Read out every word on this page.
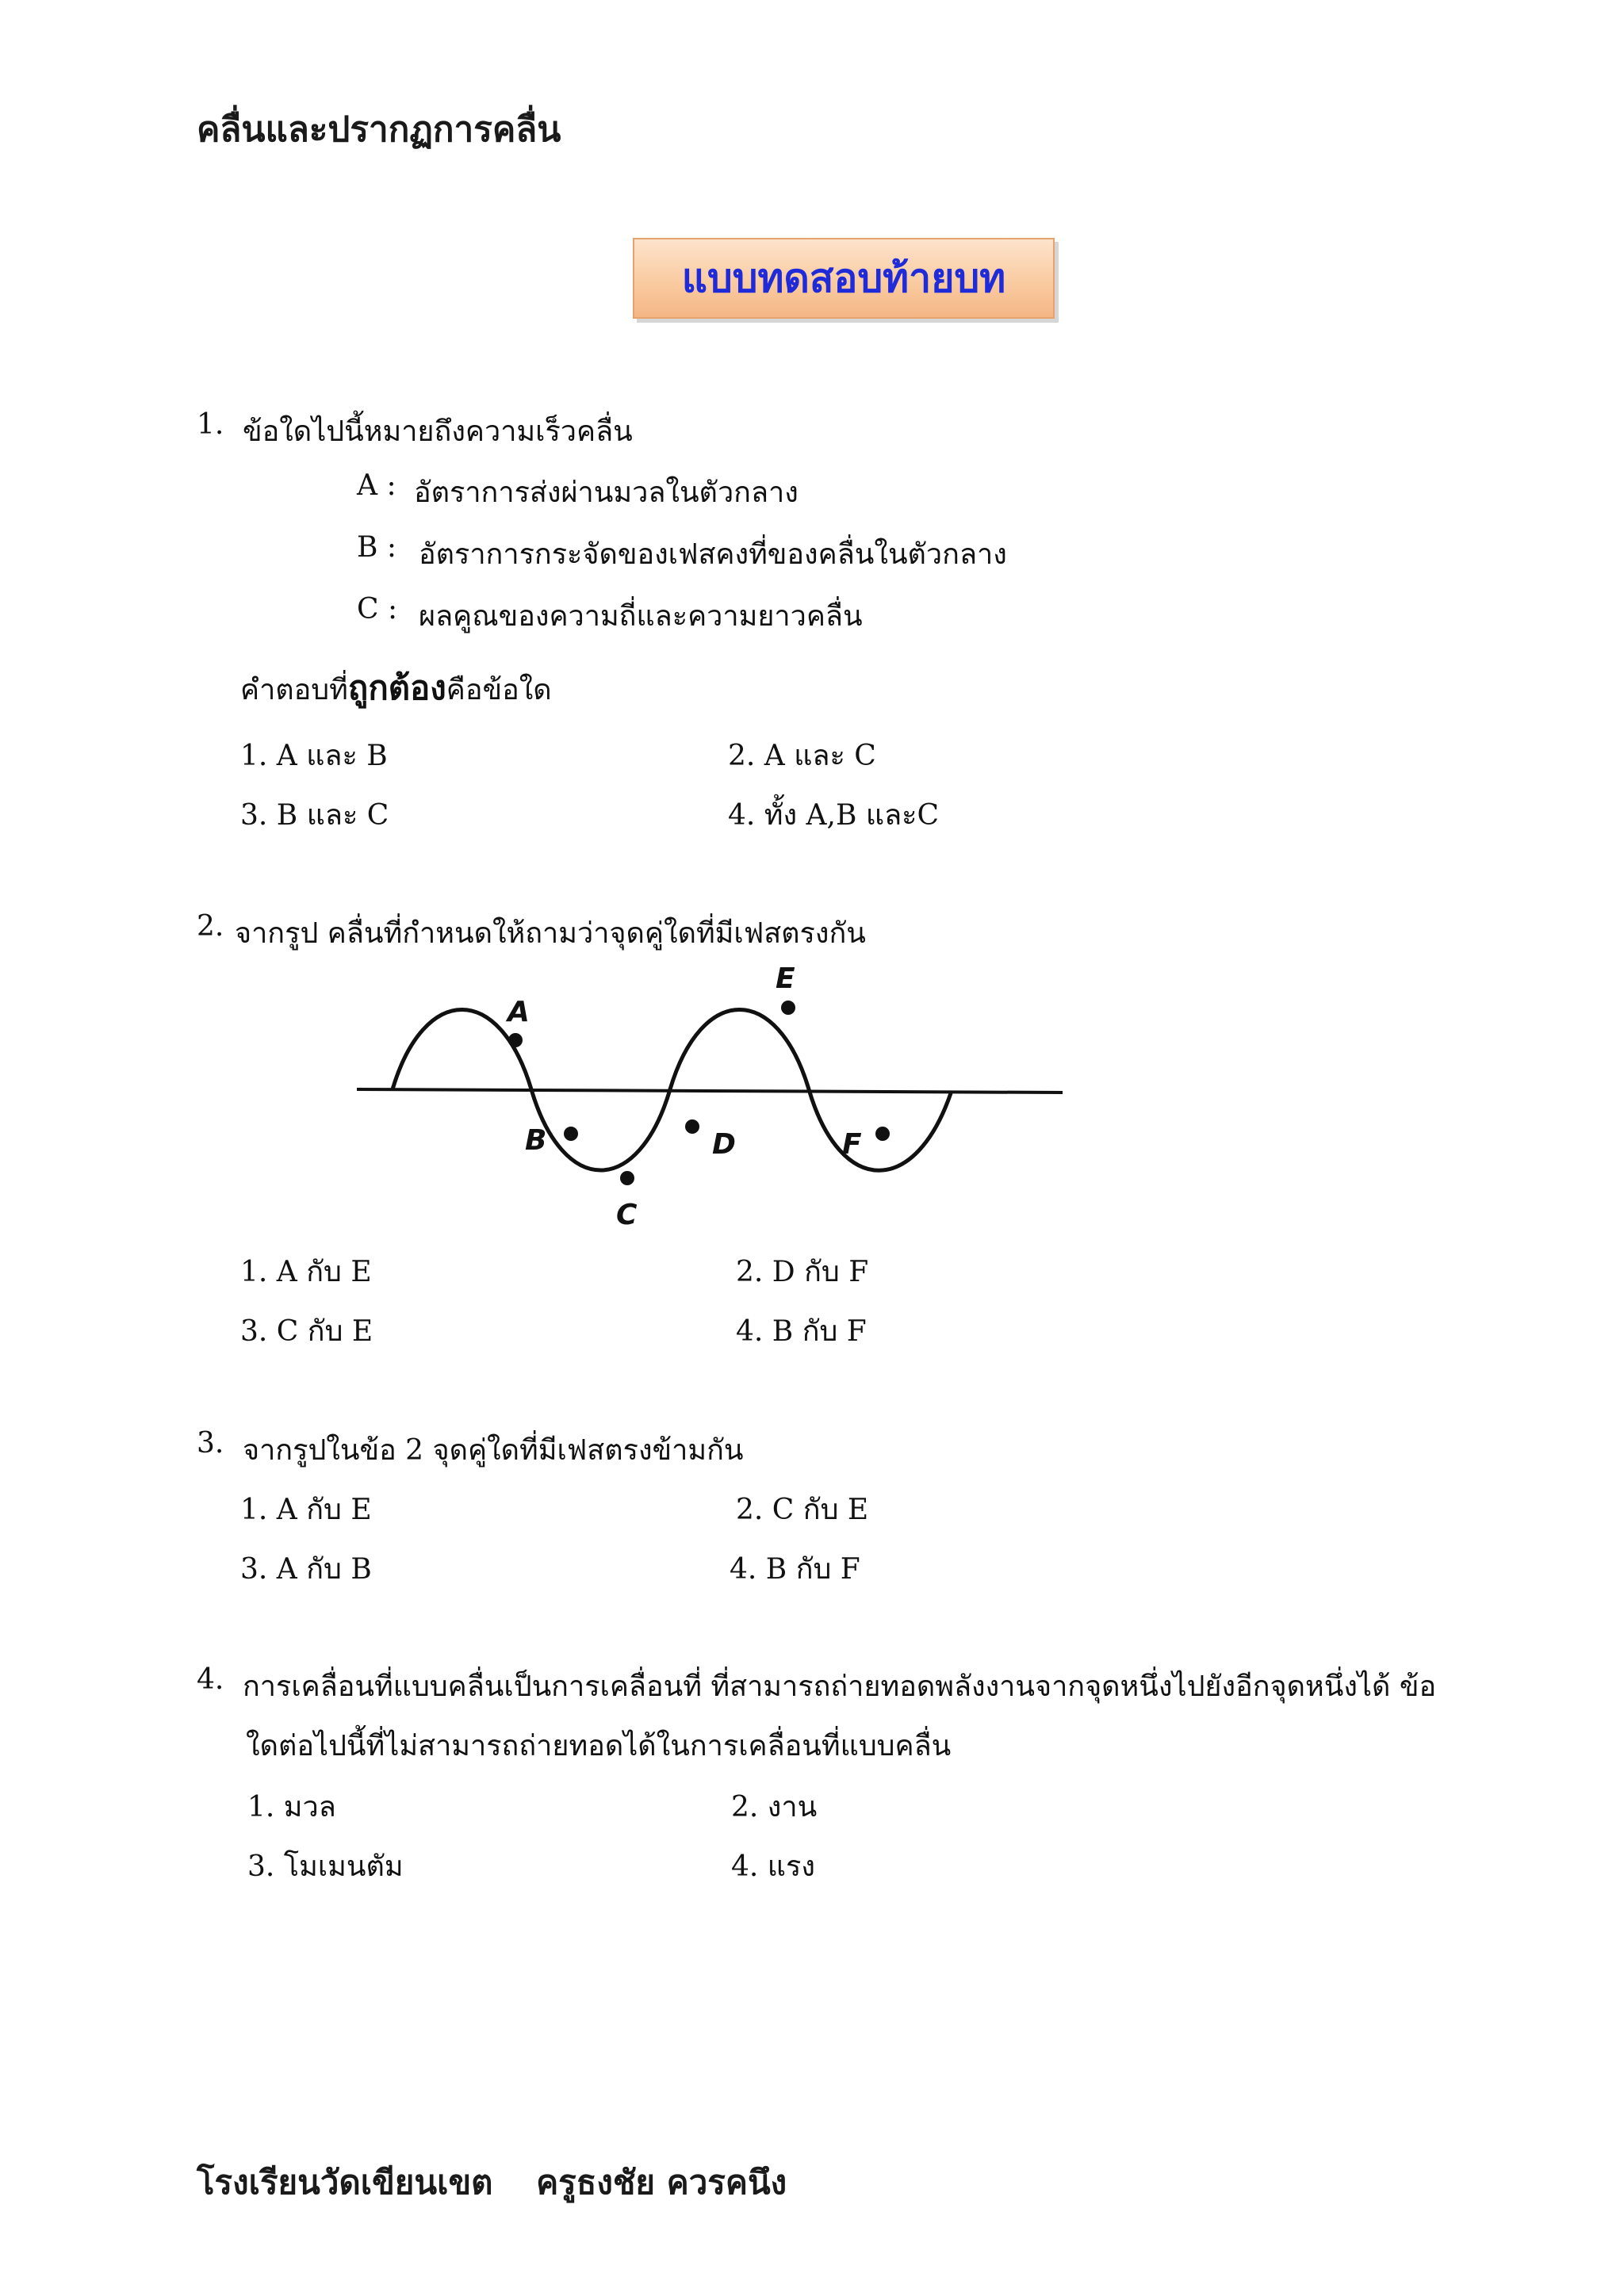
คลื่นและปรากฏการคลื่น
แบบทดสอบท้ายบท
1. ข้อใดไปนี้หมายถึงความเร็วคลื่น
A : อัตราการส่งผ่านมวลในตัวกลาง
B : อัตราการกระจัดของเฟสคงที่ของคลื่นในตัวกลาง
C : ผลคูณของความถี่และความยาวคลื่น
คำตอบที่ถูกต้องคือข้อใด
1. A และ B	2. A และ C
3. B และ C	4. ทั้ง A,B และC
2. จากรูป คลื่นที่กำหนดให้ถามว่าจุดคู่ใดที่มีเฟสตรงกัน
A
B
C
D
E
F
1. A กับ E	2. D กับ F
3. C กับ E	4. B กับ F
3. จากรูปในข้อ 2 จุดคู่ใดที่มีเฟสตรงข้ามกัน
1. A กับ E	2. C กับ E
3. A กับ B	4. B กับ F
4. การเคลื่อนที่แบบคลื่นเป็นการเคลื่อนที่ ที่สามารถถ่ายทอดพลังงานจากจุดหนึ่งไปยังอีกจุดหนึ่งได้ ข้อ
ใดต่อไปนี้ที่ไม่สามารถถ่ายทอดได้ในการเคลื่อนที่แบบคลื่น
1. มวล	2. งาน
3. โมเมนตัม	4. แรง
โรงเรียนวัดเขียนเขต ครูธงชัย ควรคนึง
